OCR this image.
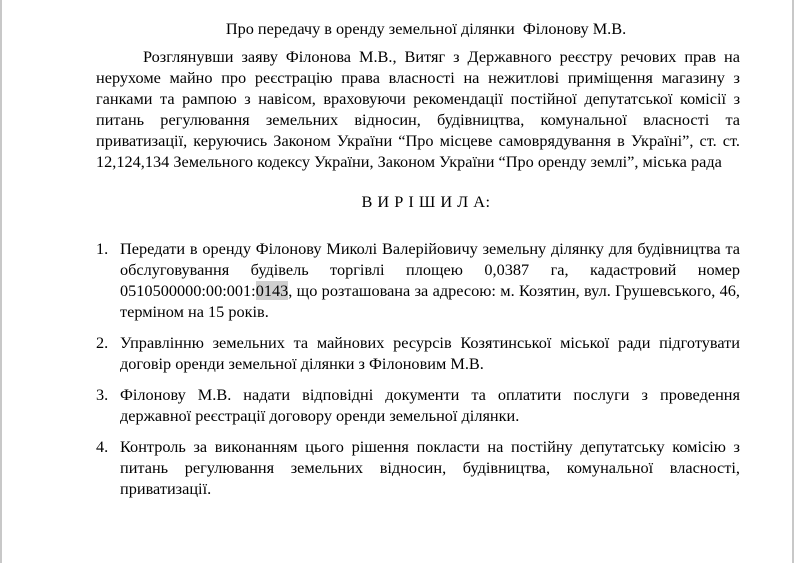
Про передачу в оренду земельної ділянки  Філонову М.В.

Розглянувши заяву Філонова М.В., Витяг з Державного реєстру речових прав на нерухоме майно про реєстрацію права власності на нежитлові приміщення магазину з ганками та рампою з навісом, враховуючи рекомендації постійної депутатської комісії з питань регулювання земельних відносин, будівництва, комунальної власності та приватизації, керуючись Законом України “Про місцеве самоврядування в Україні”, ст. ст. 12,124,134 Земельного кодексу України, Законом України “Про оренду землі”, міська рада

В И Р І Ш И Л А:

1. Передати в оренду Філонову Миколі Валерійовичу земельну ділянку для будівництва та обслуговування будівель торгівлі площею 0,0387 га, кадастровий номер 0510500000:00:001:0143, що розташована за адресою: м. Козятин, вул. Грушевського, 46, терміном на 15 років.
2. Управлінню земельних та майнових ресурсів Козятинської міської ради підготувати договір оренди земельної ділянки з Філоновим М.В.
3. Філонову М.В. надати відповідні документи та оплатити послуги з проведення державної реєстрації договору оренди земельної ділянки.
4. Контроль за виконанням цього рішення покласти на постійну депутатську комісію з питань регулювання земельних відносин, будівництва, комунальної власності, приватизації.
